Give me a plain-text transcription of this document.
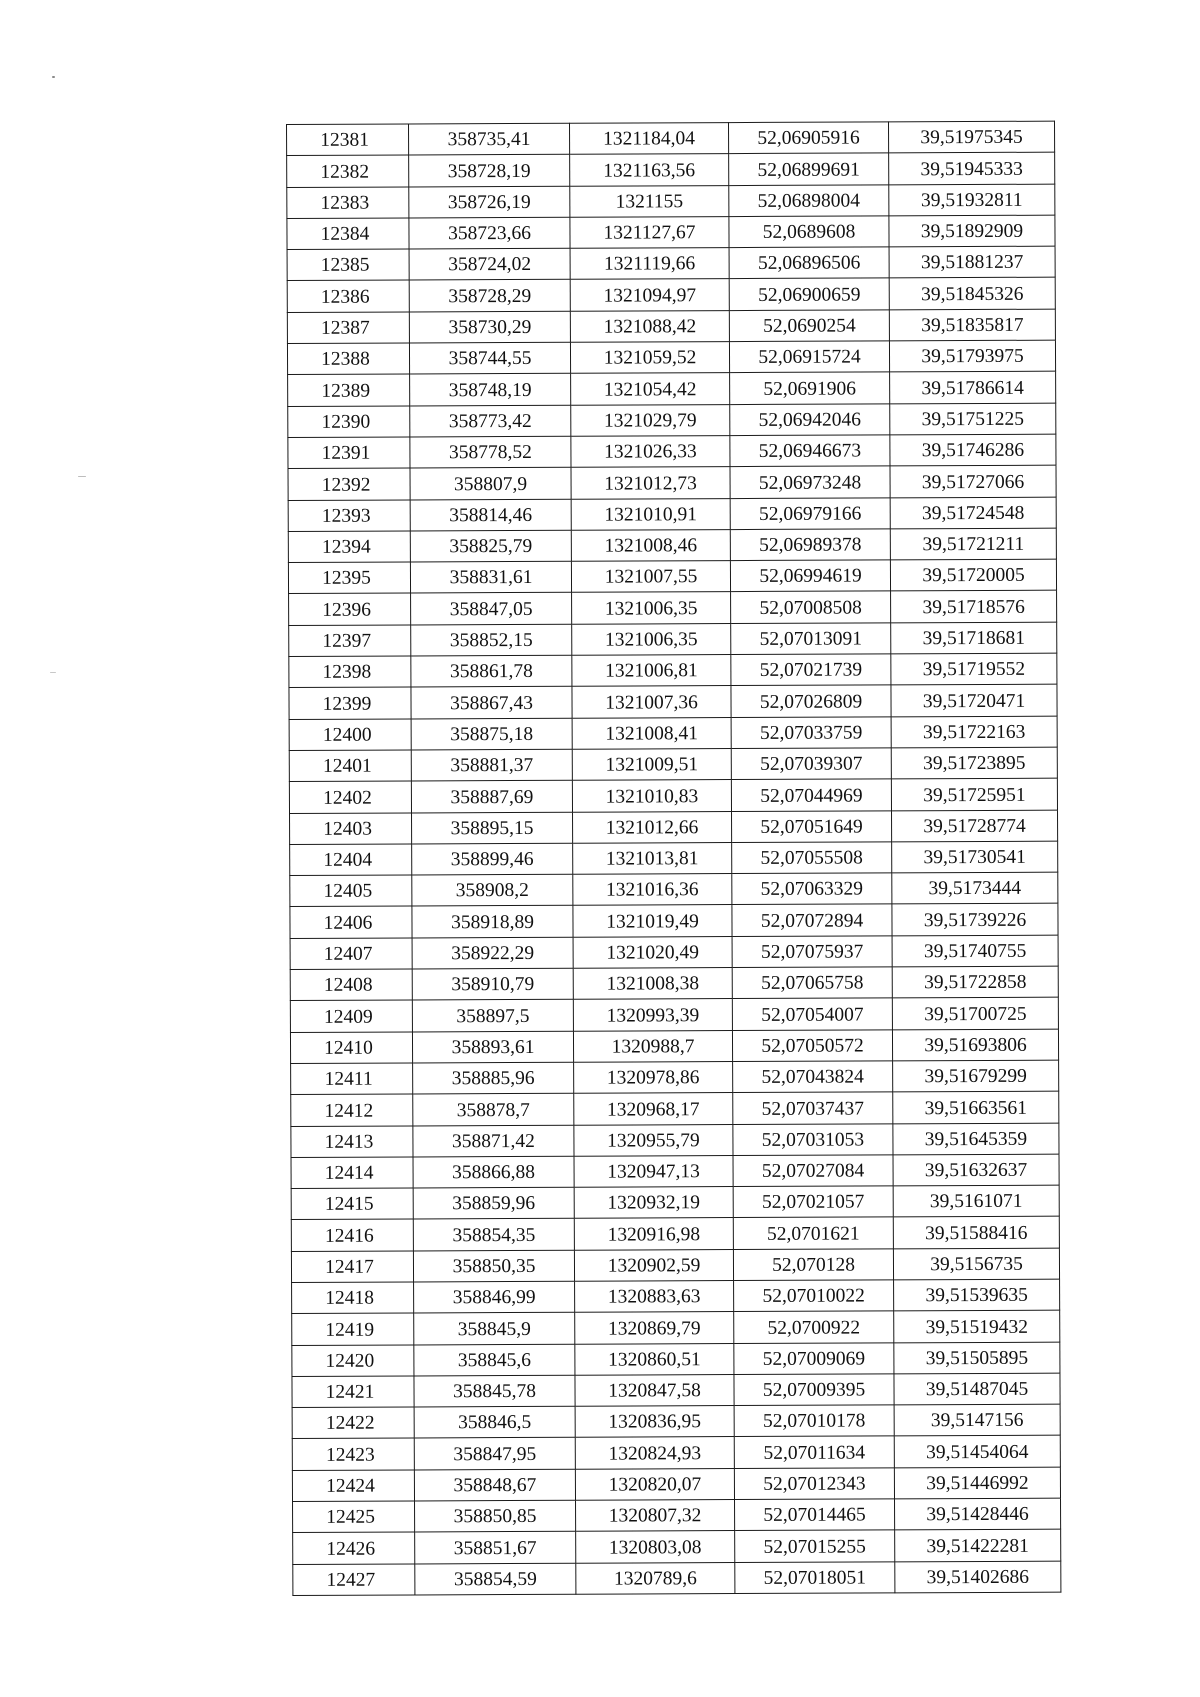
12381	358735,41	1321184,04	52,06905916	39,51975345
12382	358728,19	1321163,56	52,06899691	39,51945333
12383	358726,19	1321155	52,06898004	39,51932811
12384	358723,66	1321127,67	52,0689608	39,51892909
12385	358724,02	1321119,66	52,06896506	39,51881237
12386	358728,29	1321094,97	52,06900659	39,51845326
12387	358730,29	1321088,42	52,0690254	39,51835817
12388	358744,55	1321059,52	52,06915724	39,51793975
12389	358748,19	1321054,42	52,0691906	39,51786614
12390	358773,42	1321029,79	52,06942046	39,51751225
12391	358778,52	1321026,33	52,06946673	39,51746286
12392	358807,9	1321012,73	52,06973248	39,51727066
12393	358814,46	1321010,91	52,06979166	39,51724548
12394	358825,79	1321008,46	52,06989378	39,51721211
12395	358831,61	1321007,55	52,06994619	39,51720005
12396	358847,05	1321006,35	52,07008508	39,51718576
12397	358852,15	1321006,35	52,07013091	39,51718681
12398	358861,78	1321006,81	52,07021739	39,51719552
12399	358867,43	1321007,36	52,07026809	39,51720471
12400	358875,18	1321008,41	52,07033759	39,51722163
12401	358881,37	1321009,51	52,07039307	39,51723895
12402	358887,69	1321010,83	52,07044969	39,51725951
12403	358895,15	1321012,66	52,07051649	39,51728774
12404	358899,46	1321013,81	52,07055508	39,51730541
12405	358908,2	1321016,36	52,07063329	39,5173444
12406	358918,89	1321019,49	52,07072894	39,51739226
12407	358922,29	1321020,49	52,07075937	39,51740755
12408	358910,79	1321008,38	52,07065758	39,51722858
12409	358897,5	1320993,39	52,07054007	39,51700725
12410	358893,61	1320988,7	52,07050572	39,51693806
12411	358885,96	1320978,86	52,07043824	39,51679299
12412	358878,7	1320968,17	52,07037437	39,51663561
12413	358871,42	1320955,79	52,07031053	39,51645359
12414	358866,88	1320947,13	52,07027084	39,51632637
12415	358859,96	1320932,19	52,07021057	39,5161071
12416	358854,35	1320916,98	52,0701621	39,51588416
12417	358850,35	1320902,59	52,070128	39,5156735
12418	358846,99	1320883,63	52,07010022	39,51539635
12419	358845,9	1320869,79	52,0700922	39,51519432
12420	358845,6	1320860,51	52,07009069	39,51505895
12421	358845,78	1320847,58	52,07009395	39,51487045
12422	358846,5	1320836,95	52,07010178	39,5147156
12423	358847,95	1320824,93	52,07011634	39,51454064
12424	358848,67	1320820,07	52,07012343	39,51446992
12425	358850,85	1320807,32	52,07014465	39,51428446
12426	358851,67	1320803,08	52,07015255	39,51422281
12427	358854,59	1320789,6	52,07018051	39,51402686
